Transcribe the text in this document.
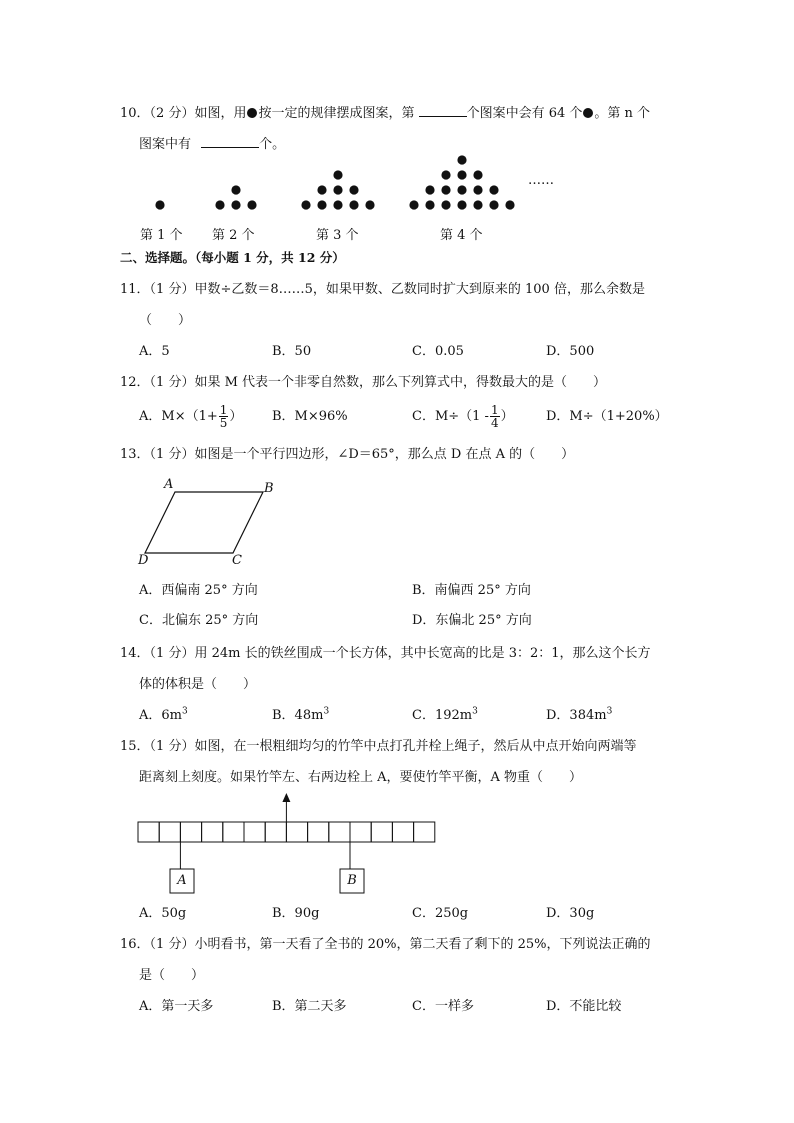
10．（2 分）如图，用 按一定的规律摆成图案，第	个图案中会有 64 个 。第 n 个
图案中有	个。
……
第 1 个 第 2 个	第 3 个	第 4 个
二、选择题。（每小题 1 分，共 12 分）
11．（1 分）甲数÷乙数＝8……5，如果甲数、乙数同时扩大到原来的 100 倍，那么余数是
（　　）
A．5	B．50	C．0.05	D．500
12．（1 分）如果 M 代表一个非零自然数，那么下列算式中，得数最大的是（　　）
A．$M\times(1+ \frac{1}{5}$ ） B．M×96%	C．$M\div(1 - \frac{1}{4}$ ） D．M÷（1+20%）
13．（1 分）如图是一个平行四边形，∠D＝65°，那么点 D 在点 A 的（　　）
A	B
D	C
A．西偏南 25° 方向	B．南偏西 25° 方向
C．北偏东 25° 方向	D．东偏北 25° 方向
14．（1 分）用 24m 长的铁丝围成一个长方体，其中长宽高的比是 3：2：1，那么这个长方
体的体积是（　　）
A．$6m^3$	B．$48m^3$	C．$192m^3$	D．$384m^3$
15．（1 分）如图，在一根粗细均匀的竹竿中点打孔并栓上绳子，然后从中点开始向两端等
距离刻上刻度。如果竹竿左、右两边栓上 A，要使竹竿平衡，A 物重（　　）
A	B
A．50g	B．90g	C．250g	D．30g
16．（1 分）小明看书，第一天看了全书的 20%，第二天看了剩下的 25%，下列说法正确的
是（　　）
A．第一天多	B．第二天多	C．一样多	D．不能比较
